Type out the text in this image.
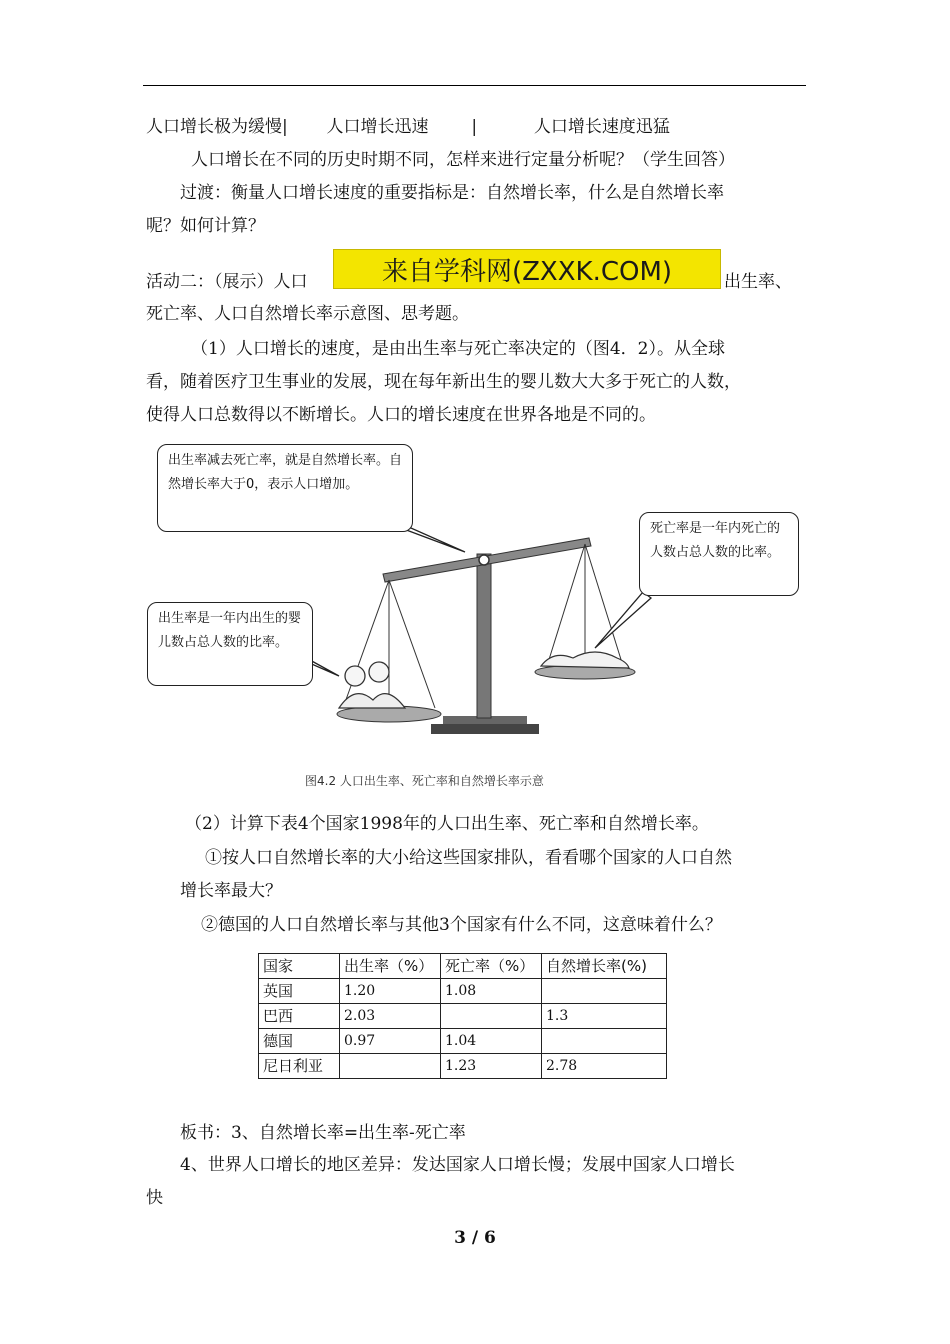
人口增长极为缓慢| 人口增长迅速	|	人口增长速度迅猛
人口增长在不同的历史时期不同，怎样来进行定量分析呢？（学生回答）
过渡：衡量人口增长速度的重要指标是：自然增长率，什么是自然增长率
呢？如何计算？
活动二：（展示）人口	来自学科网(ZXXK.COM)	出生率、
死亡率、人口自然增长率示意图、思考题。
（1）人口增长的速度，是由出生率与死亡率决定的（图4．2）。从全球
看，随着医疗卫生事业的发展，现在每年新出生的婴儿数大大多于死亡的人数，
使得人口总数得以不断增长。人口的增长速度在世界各地是不同的。
出生率减去死亡率，就是自然增长率。自然增长率大于0，表示人口增加。
死亡率是一年内死亡的人数占总人数的比率。
出生率是一年内出生的婴儿数占总人数的比率。
图4.2 人口出生率、死亡率和自然增长率示意
（2）计算下表4个国家1998年的人口出生率、死亡率和自然增长率。
①按人口自然增长率的大小给这些国家排队，看看哪个国家的人口自然
增长率最大？
②德国的人口自然增长率与其他3个国家有什么不同，这意味着什么？
国家	出生率（%）	死亡率（%）	自然增长率(%)
英国	1.20	1.08	
巴西	2.03		1.3
德国	0.97	1.04	
尼日利亚		1.23	2.78
板书：3、自然增长率=出生率-死亡率
4、世界人口增长的地区差异：发达国家人口增长慢；发展中国家人口增长
快
3 / 6
